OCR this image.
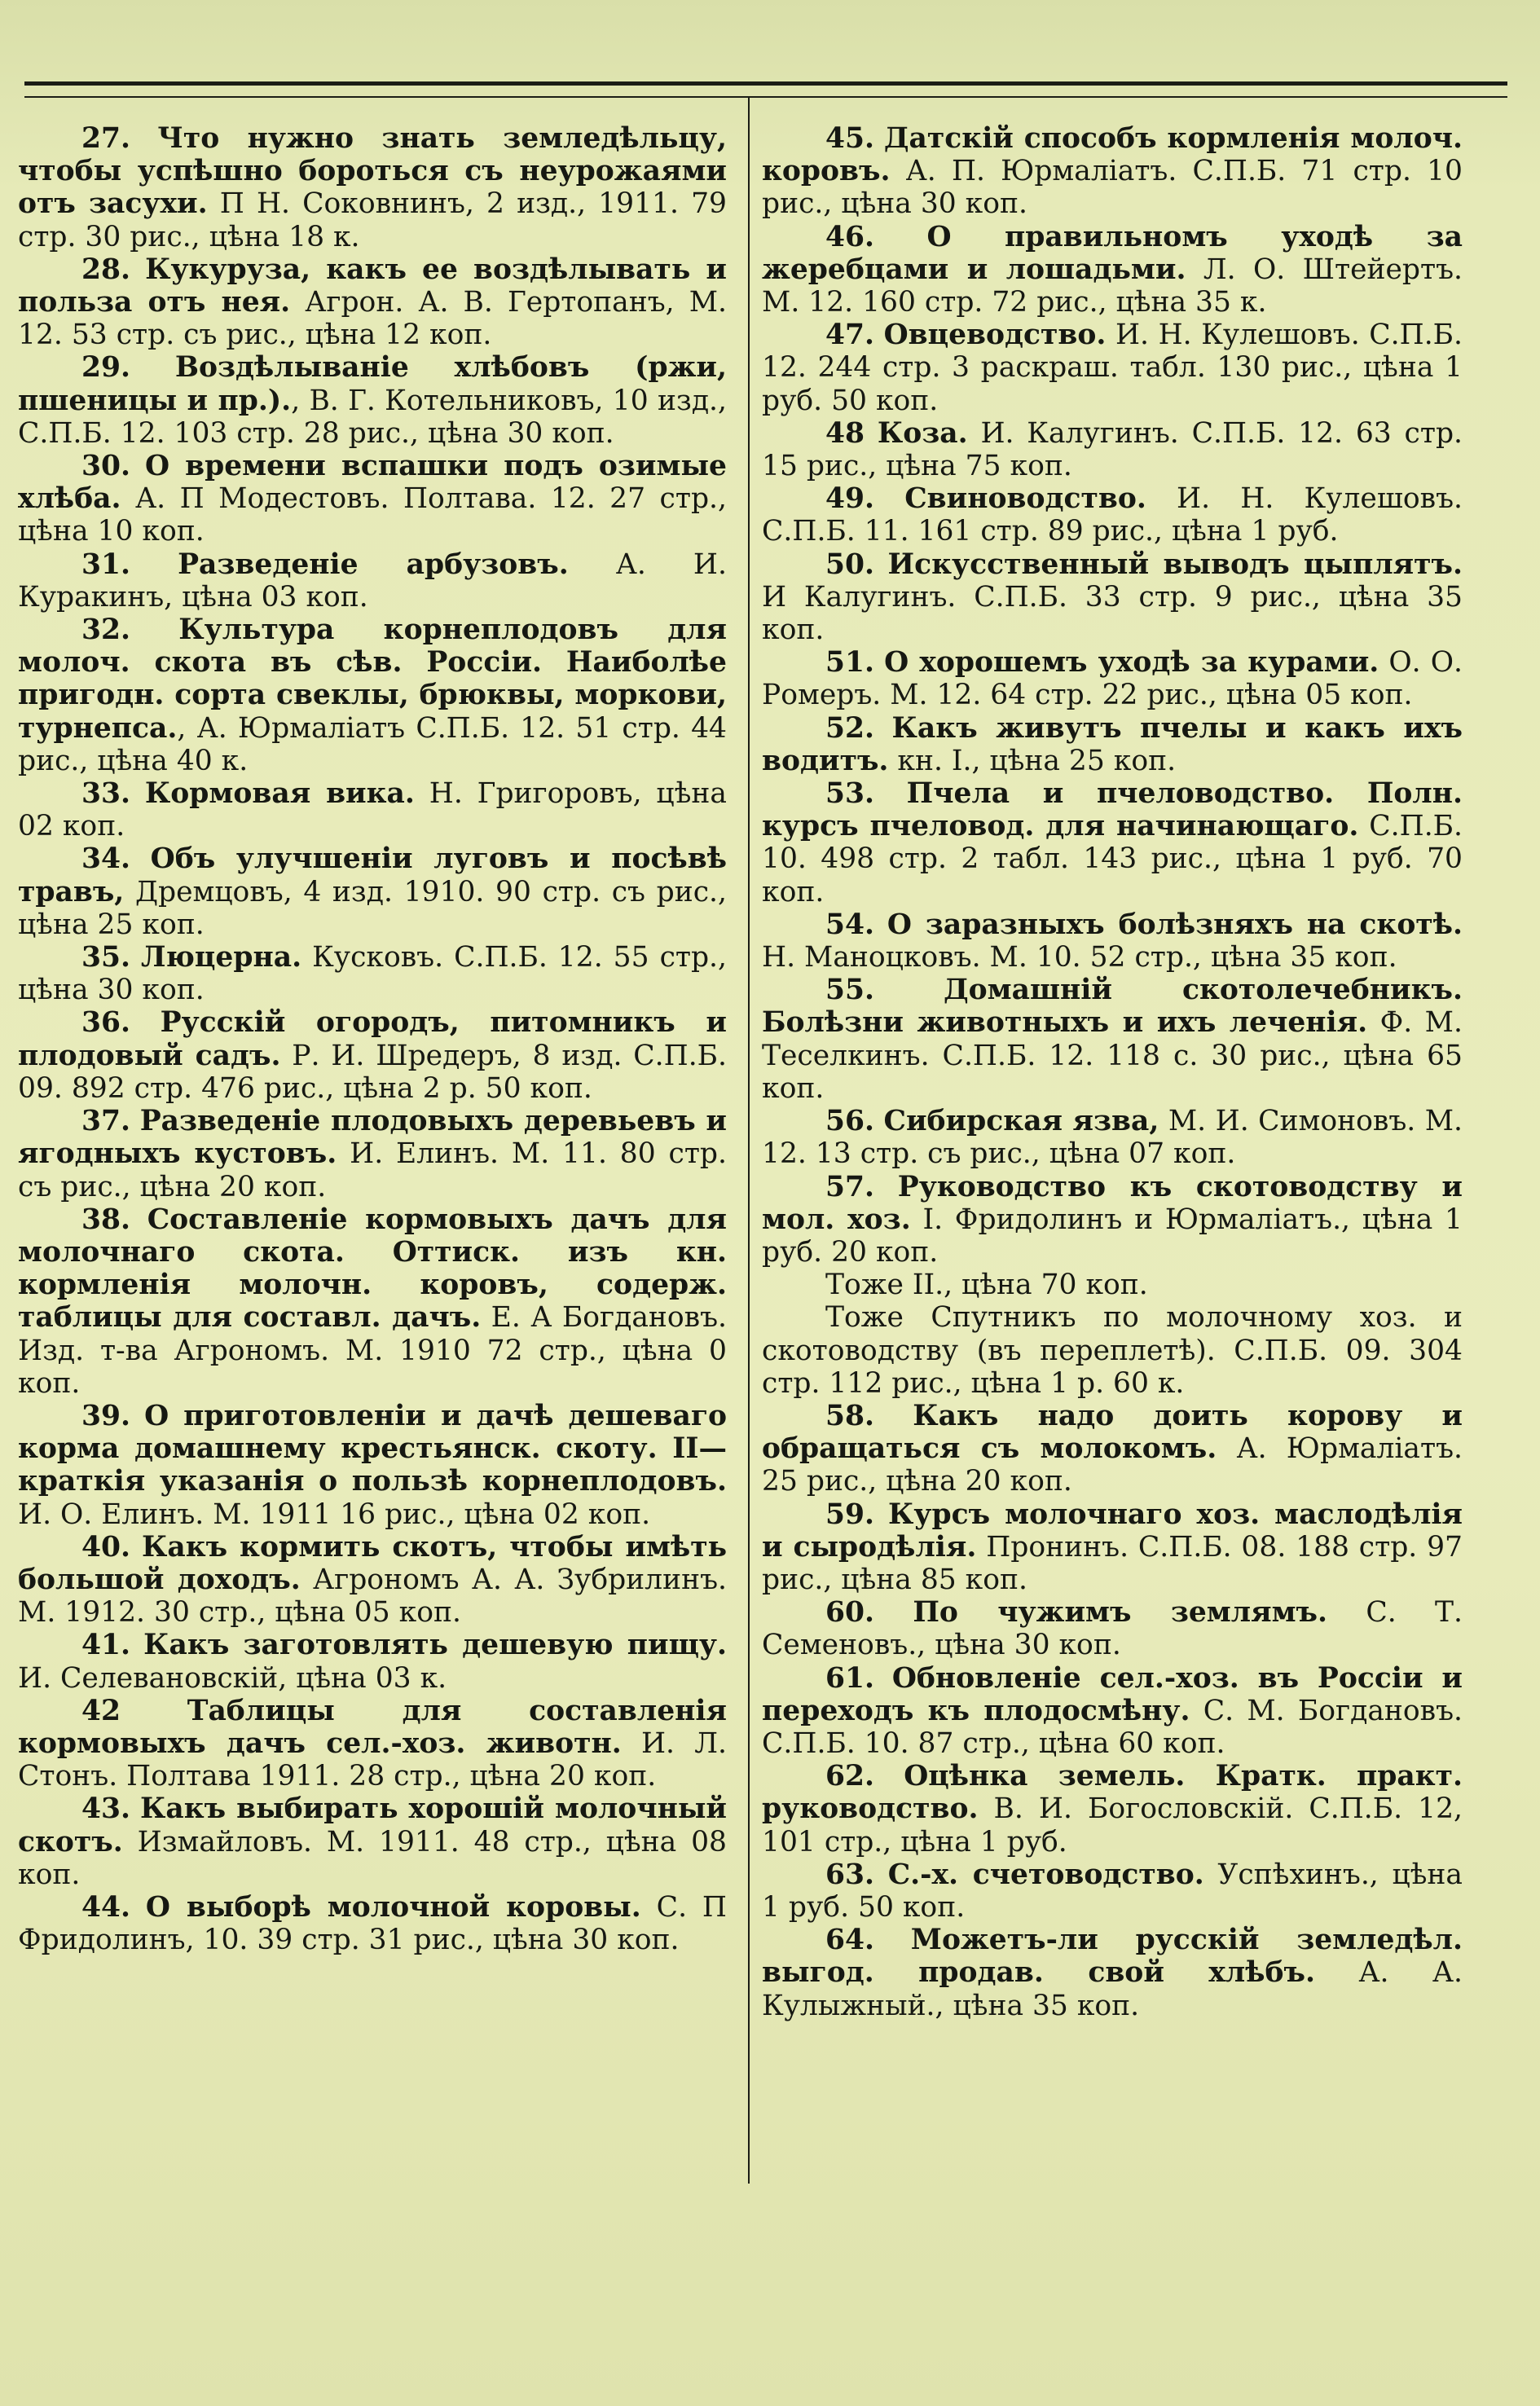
27. Что нужно знать земледѣльцу, чтобы успѣшно бороться съ неурожаями отъ засухи. П Н. Соковнинъ, 2 изд., 1911. 79 стр. 30 рис., цѣна 18 к.

28. Кукуруза, какъ ее воздѣлывать и польза отъ нея. Агрон. А. В. Гертопанъ, М. 12. 53 стр. съ рис., цѣна 12 коп.

29. Воздѣлываніе хлѣбовъ (ржи, пшеницы и пр.)., В. Г. Котельниковъ, 10 изд., С.П.Б. 12. 103 стр. 28 рис., цѣна 30 коп.

30. О времени вспашки подъ озимые хлѣба. А. П Модестовъ. Полтава. 12. 27 стр., цѣна 10 коп.

31. Разведеніе арбузовъ. А. И. Куракинъ, цѣна 03 коп.

32. Культура корнеплодовъ для молоч. скота въ сѣв. Россіи. Наиболѣе пригодн. сорта свеклы, брюквы, моркови, турнепса., А. Юрмаліатъ С.П.Б. 12. 51 стр. 44 рис., цѣна 40 к.

33. Кормовая вика. Н. Григоровъ, цѣна 02 коп.

34. Объ улучшеніи луговъ и посѣвѣ травъ, Дремцовъ, 4 изд. 1910. 90 стр. съ рис., цѣна 25 коп.

35. Люцерна. Кусковъ. С.П.Б. 12. 55 стр., цѣна 30 коп.

36. Русскій огородъ, питомникъ и плодовый садъ. Р. И. Шредеръ, 8 изд. С.П.Б. 09. 892 стр. 476 рис., цѣна 2 р. 50 коп.

37. Разведеніе плодовыхъ деревьевъ и ягодныхъ кустовъ. И. Елинъ. М. 11. 80 стр. съ рис., цѣна 20 коп.

38. Составленіе кормовыхъ дачъ для молочнаго скота. Оттиск. изъ кн. кормленія молочн. коровъ, содерж. таблицы для составл. дачъ. Е. А Богдановъ. Изд. т-ва Агрономъ. М. 1910 72 стр., цѣна 0 коп.

39. О приготовленіи и дачѣ дешеваго корма домашнему крестьянск. скоту. II—краткія указанія о пользѣ корнеплодовъ. И. О. Елинъ. М. 1911 16 рис., цѣна 02 коп.

40. Какъ кормить скотъ, чтобы имѣть большой доходъ. Агрономъ А. А. Зубрилинъ. М. 1912. 30 стр., цѣна 05 коп.

41. Какъ заготовлять дешевую пищу. И. Селевановскій, цѣна 03 к.

42 Таблицы для составленія кормовыхъ дачъ сел.-хоз. животн. И. Л. Стонъ. Полтава 1911. 28 стр., цѣна 20 коп.

43. Какъ выбирать хорошій молочный скотъ. Измайловъ. М. 1911. 48 стр., цѣна 08 коп.

44. О выборѣ молочной коровы. С. П Фридолинъ, 10. 39 стр. 31 рис., цѣна 30 коп.

45. Датскій способъ кормленія молоч. коровъ. А. П. Юрмаліатъ. С.П.Б. 71 стр. 10 рис., цѣна 30 коп.

46. О правильномъ уходѣ за жеребцами и лошадьми. Л. О. Штейертъ. М. 12. 160 стр. 72 рис., цѣна 35 к.

47. Овцеводство. И. Н. Кулешовъ. С.П.Б. 12. 244 стр. 3 раскраш. табл. 130 рис., цѣна 1 руб. 50 коп.

48 Коза. И. Калугинъ. С.П.Б. 12. 63 стр. 15 рис., цѣна 75 коп.

49. Свиноводство. И. Н. Кулешовъ. С.П.Б. 11. 161 стр. 89 рис., цѣна 1 руб.

50. Искусственный выводъ цыплятъ. И Калугинъ. С.П.Б. 33 стр. 9 рис., цѣна 35 коп.

51. О хорошемъ уходѣ за курами. О. О. Ромеръ. М. 12. 64 стр. 22 рис., цѣна 05 коп.

52. Какъ живутъ пчелы и какъ ихъ водитъ. кн. I., цѣна 25 коп.

53. Пчела и пчеловодство. Полн. курсъ пчеловод. для начинающаго. С.П.Б. 10. 498 стр. 2 табл. 143 рис., цѣна 1 руб. 70 коп.

54. О заразныхъ болѣзняхъ на скотѣ. Н. Маноцковъ. М. 10. 52 стр., цѣна 35 коп.

55. Домашній скотолечебникъ. Болѣзни животныхъ и ихъ леченія. Ф. М. Теселкинъ. С.П.Б. 12. 118 с. 30 рис., цѣна 65 коп.

56. Сибирская язва, М. И. Симоновъ. М. 12. 13 стр. съ рис., цѣна 07 коп.

57. Руководство къ скотоводству и мол. хоз. I. Фридолинъ и Юрмаліатъ., цѣна 1 руб. 20 коп.

Тоже II., цѣна 70 коп.

Тоже Спутникъ по молочному хоз. и скотоводству (въ переплетѣ). С.П.Б. 09. 304 стр. 112 рис., цѣна 1 р. 60 к.

58. Какъ надо доить корову и обращаться съ молокомъ. А. Юрмаліатъ. 25 рис., цѣна 20 коп.

59. Курсъ молочнаго хоз. маслодѣлія и сыродѣлія. Пронинъ. С.П.Б. 08. 188 стр. 97 рис., цѣна 85 коп.

60. По чужимъ землямъ. С. Т. Семеновъ., цѣна 30 коп.

61. Обновленіе сел.-хоз. въ Россіи и переходъ къ плодосмѣну. С. М. Богдановъ. С.П.Б. 10. 87 стр., цѣна 60 коп.

62. Оцѣнка земель. Кратк. практ. руководство. В. И. Богословскій. С.П.Б. 12, 101 стр., цѣна 1 руб.

63. С.-х. счетоводство. Успѣхинъ., цѣна 1 руб. 50 коп.

64. Можетъ-ли русскій земледѣл. выгод. продав. свой хлѣбъ. А. А. Кулыжный., цѣна 35 коп.
